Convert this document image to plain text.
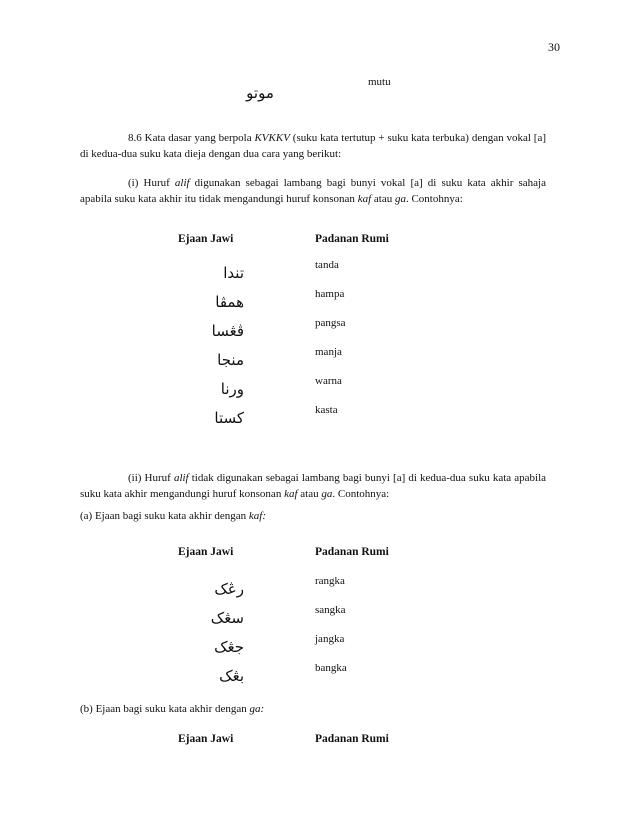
30
موتو
mutu
8.6 Kata dasar yang berpola KVKKV (suku kata tertutup + suku kata terbuka) dengan vokal [a] di kedua-dua suku kata dieja dengan dua cara yang berikut:
(i) Huruf alif digunakan sebagai lambang bagi bunyi vokal [a] di suku kata akhir sahaja apabila suku kata akhir itu tidak mengandungi huruf konsonan kaf atau ga. Contohnya:
Ejaan Jawi	Padanan Rumi
تندا	tanda
همڤا	hampa
ڤڠسا	pangsa
منجا	manja
ورنا	warna
کستا	kasta
(ii) Huruf alif tidak digunakan sebagai lambang bagi bunyi [a] di kedua-dua suku kata apabila suku kata akhir mengandungi huruf konsonan kaf atau ga. Contohnya:
(a) Ejaan bagi suku kata akhir dengan kaf:
Ejaan Jawi	Padanan Rumi
رڠک	rangka
سڠک	sangka
جڠک	jangka
بڠک	bangka
(b) Ejaan bagi suku kata akhir dengan ga:
Ejaan Jawi	Padanan Rumi
